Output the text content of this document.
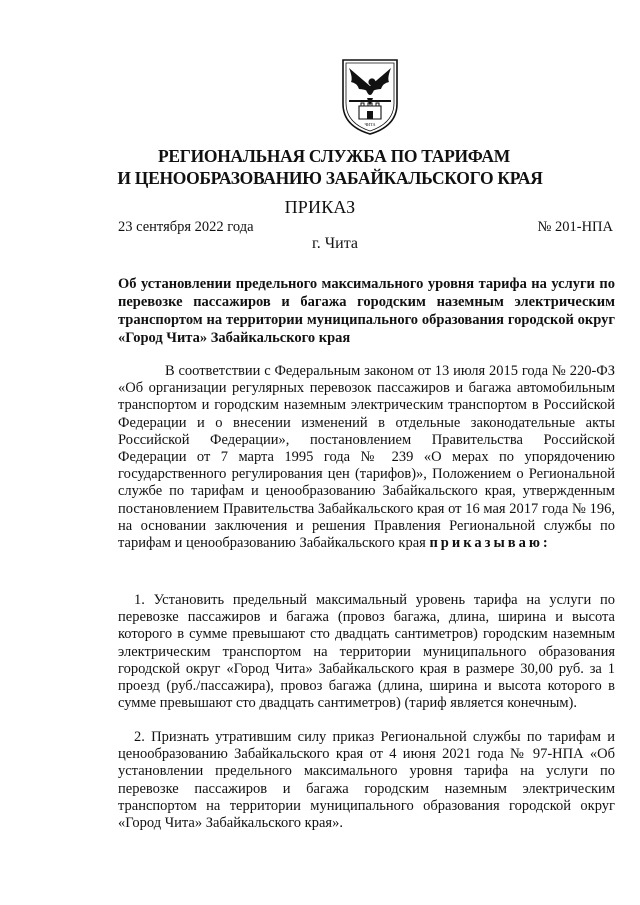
ЧИТА
РЕГИОНАЛЬНАЯ СЛУЖБА ПО ТАРИФАМ
И ЦЕНООБРАЗОВАНИЮ ЗАБАЙКАЛЬСКОГО КРАЯ
ПРИКАЗ
23 сентября 2022 года	№ 201-НПА
г. Чита
Об установлении предельного максимального уровня тарифа на услуги по перевозке пассажиров и багажа городским наземным электрическим транспортом на территории муниципального образования городской округ «Город Чита» Забайкальского края
В соответствии с Федеральным законом от 13 июля 2015 года № 220-ФЗ «Об организации регулярных перевозок пассажиров и багажа автомобильным транспортом и городским наземным электрическим транспортом в Российской Федерации и о внесении изменений в отдельные законодательные акты Российской Федерации», постановлением Правительства Российской Федерации от 7 марта 1995 года № 239 «О мерах по упорядочению государственного регулирования цен (тарифов)», Положением о Региональной службе по тарифам и ценообразованию Забайкальского края, утвержденным постановлением Правительства Забайкальского края от 16 мая 2017 года № 196, на основании заключения и решения Правления Региональной службы по тарифам и ценообразованию Забайкальского края приказываю:
1. Установить предельный максимальный уровень тарифа на услуги по перевозке пассажиров и багажа (провоз багажа, длина, ширина и высота которого в сумме превышают сто двадцать сантиметров) городским наземным электрическим транспортом на территории муниципального образования городской округ «Город Чита» Забайкальского края в размере 30,00 руб. за 1 проезд (руб./пассажира), провоз багажа (длина, ширина и высота которого в сумме превышают сто двадцать сантиметров) (тариф является конечным).
2. Признать утратившим силу приказ Региональной службы по тарифам и ценообразованию Забайкальского края от 4 июня 2021 года № 97-НПА «Об установлении предельного максимального уровня тарифа на услуги по перевозке пассажиров и багажа городским наземным электрическим транспортом на территории муниципального образования городской округ «Город Чита» Забайкальского края».
